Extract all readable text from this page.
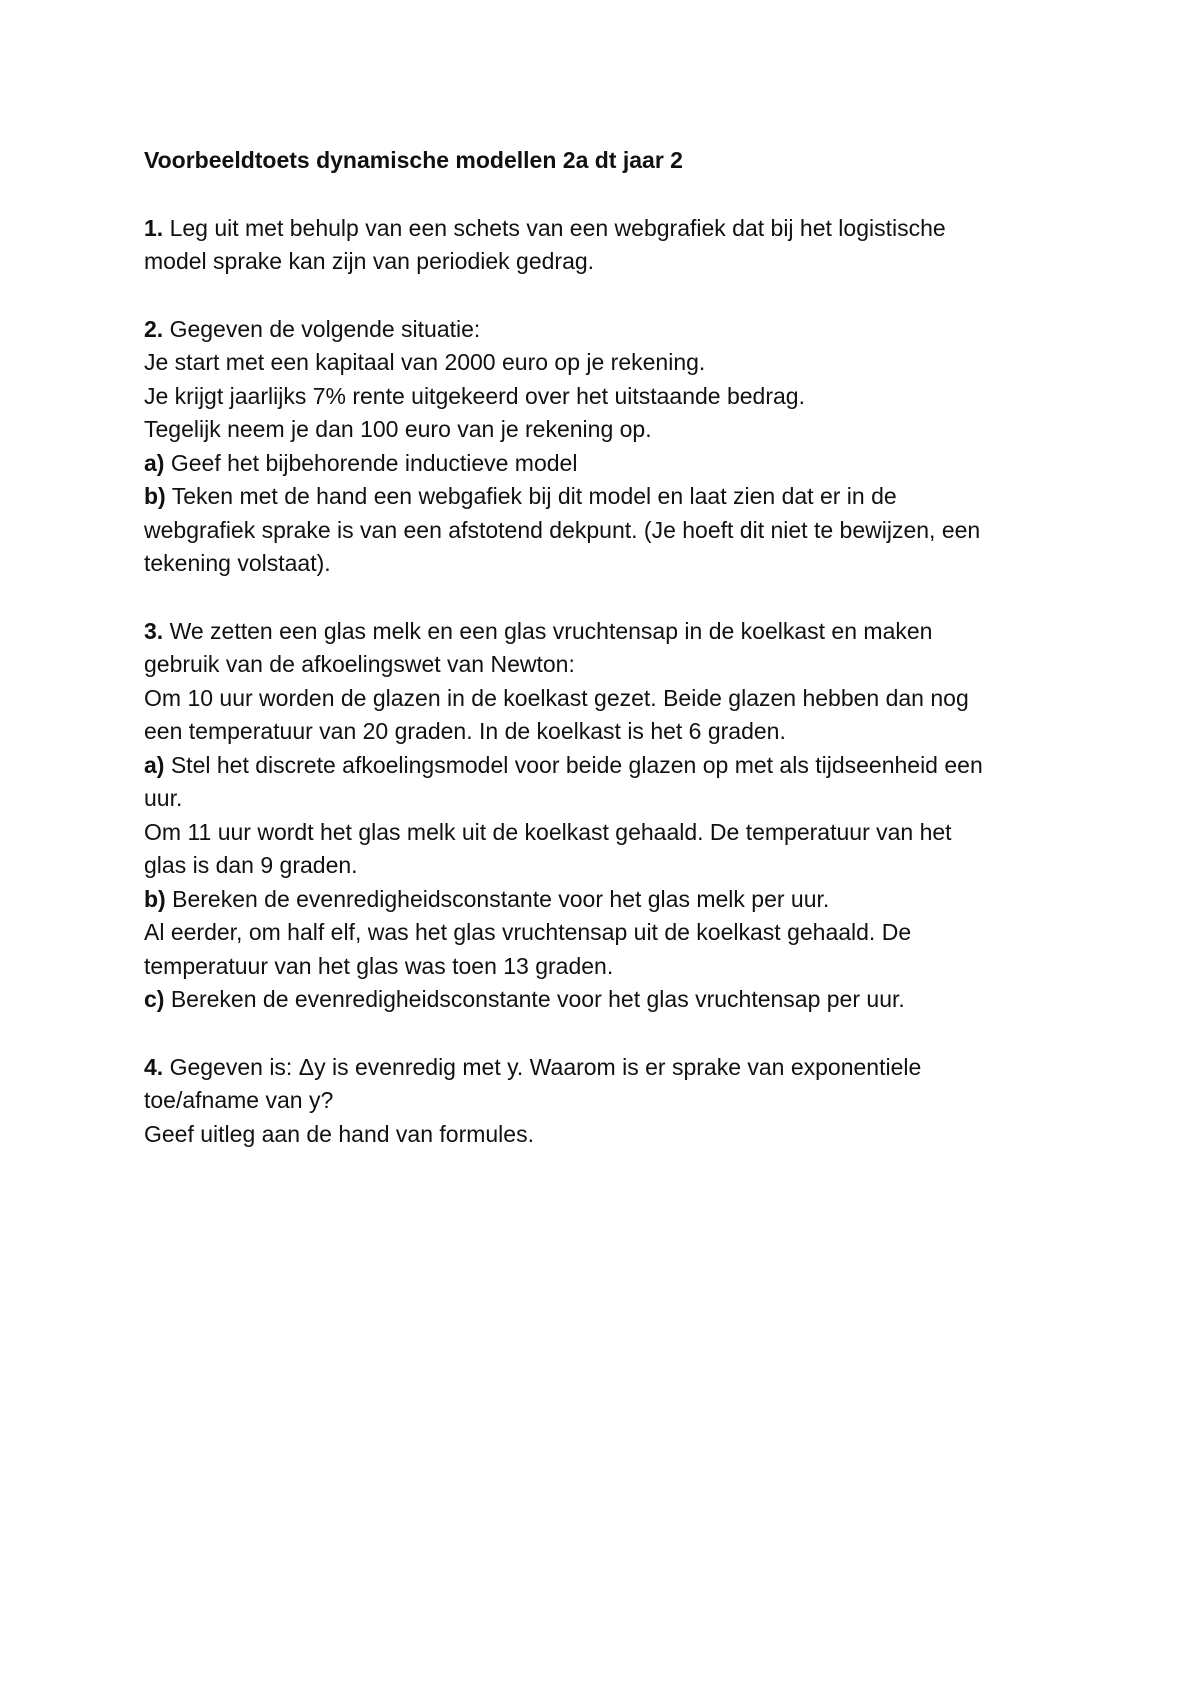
Voorbeeldtoets dynamische modellen 2a dt jaar 2
1. Leg uit met behulp van een schets van een webgrafiek dat bij het logistische
model sprake kan zijn van periodiek gedrag.
2. Gegeven de volgende situatie:
Je start met een kapitaal van 2000 euro op je rekening.
Je krijgt jaarlijks 7% rente uitgekeerd over het uitstaande bedrag.
Tegelijk neem je dan 100 euro van je rekening op.
a) Geef het bijbehorende inductieve model
b) Teken met de hand een webgafiek bij dit model en laat zien dat er in de
webgrafiek sprake is van een afstotend dekpunt. (Je hoeft dit niet te bewijzen, een
tekening volstaat).
3. We zetten een glas melk en een glas vruchtensap in de koelkast en maken
gebruik van de afkoelingswet van Newton:
Om 10 uur worden de glazen in de koelkast gezet. Beide glazen hebben dan nog
een temperatuur van 20 graden. In de koelkast is het 6 graden.
a) Stel het discrete afkoelingsmodel voor beide glazen op met als tijdseenheid een
uur.
Om 11 uur wordt het glas melk uit de koelkast gehaald. De temperatuur van het
glas is dan 9 graden.
b) Bereken de evenredigheidsconstante voor het glas melk per uur.
Al eerder, om half elf, was het glas vruchtensap uit de koelkast gehaald. De
temperatuur van het glas was toen 13 graden.
c) Bereken de evenredigheidsconstante voor het glas vruchtensap per uur.
4. Gegeven is: Δy is evenredig met y. Waarom is er sprake van exponentiele
toe/afname van y?
Geef uitleg aan de hand van formules.
